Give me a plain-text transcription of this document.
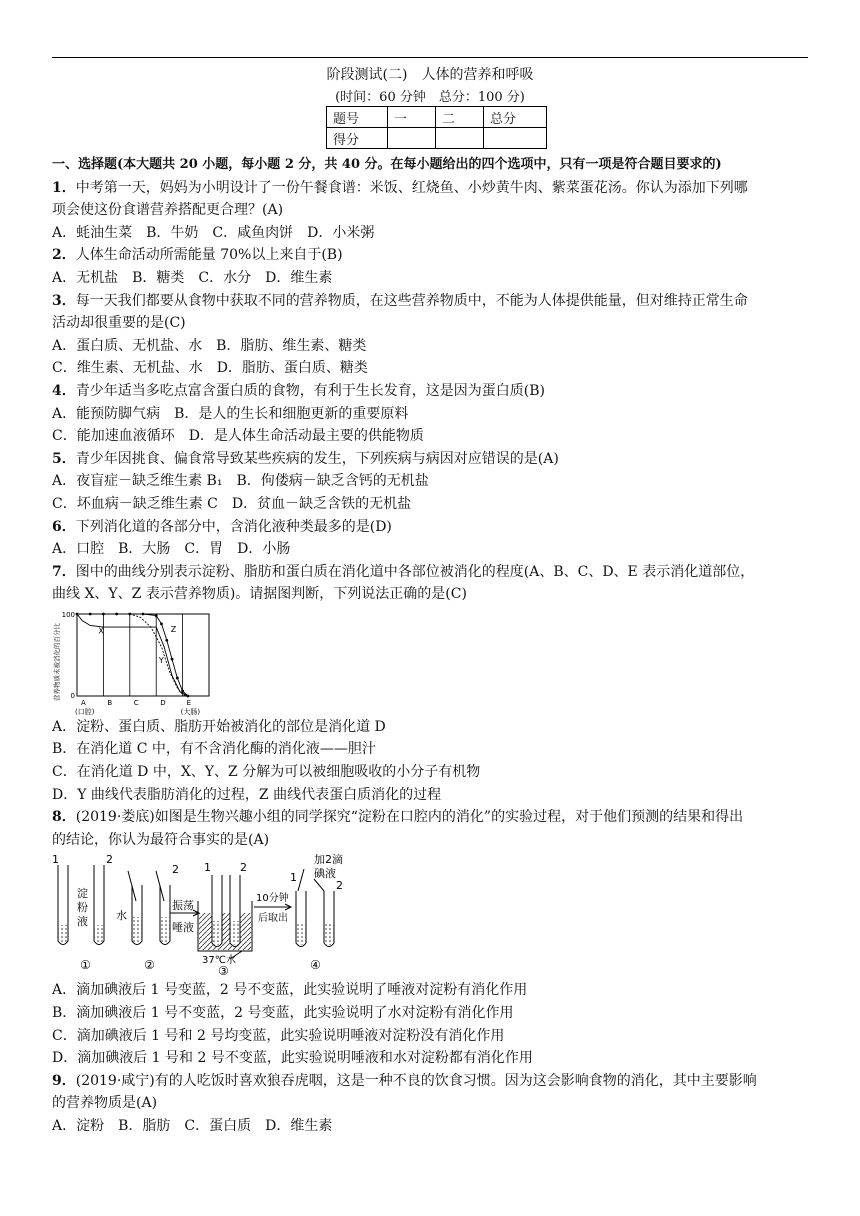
阶段测试(二)　人体的营养和呼吸
(时间：60 分钟　总分：100 分)
题号	一	二	总分
得分			
一、选择题(本大题共 20 小题，每小题 2 分，共 40 分。在每小题给出的四个选项中，只有一项是符合题目要求的)
1．中考第一天，妈妈为小明设计了一份午餐食谱：米饭、红烧鱼、小炒黄牛肉、紫菜蛋花汤。你认为添加下列哪
项会使这份食谱营养搭配更合理？(A)
A．蚝油生菜　B．牛奶　C．咸鱼肉饼　D．小米粥
2．人体生命活动所需能量 70%以上来自于(B)
A．无机盐　B．糖类　C．水分　D．维生素
3．每一天我们都要从食物中获取不同的营养物质，在这些营养物质中，不能为人体提供能量，但对维持正常生命
活动却很重要的是(C)
A．蛋白质、无机盐、水　B．脂肪、维生素、糖类
C．维生素、无机盐、水　D．脂肪、蛋白质、糖类
4．青少年适当多吃点富含蛋白质的食物，有利于生长发育，这是因为蛋白质(B)
A．能预防脚气病　B．是人的生长和细胞更新的重要原料
C．能加速血液循环　D．是人体生命活动最主要的供能物质
5．青少年因挑食、偏食常导致某些疾病的发生，下列疾病与病因对应错误的是(A)
A．夜盲症－缺乏维生素 B₁　B．佝偻病－缺乏含钙的无机盐
C．坏血病－缺乏维生素 C　D．贫血－缺乏含铁的无机盐
6．下列消化道的各部分中，含消化液种类最多的是(D)
A．口腔　B．大肠　C．胃　D．小肠
7．图中的曲线分别表示淀粉、脂肪和蛋白质在消化道中各部位被消化的程度(A、B、C、D、E 表示消化道部位，
曲线 X、Y、Z 表示营养物质)。请据图判断，下列说法正确的是(C)
100
0
营养物质未被消化的百分比
A
(口腔)
B	C	D	E
(大肠)
X
Y
Z
A．淀粉、蛋白质、脂肪开始被消化的部位是消化道 D
B．在消化道 C 中，有不含消化酶的消化液——胆汁
C．在消化道 D 中，X、Y、Z 分解为可以被细胞吸收的小分子有机物
D．Y 曲线代表脂肪消化的过程，Z 曲线代表蛋白质消化的过程
8．(2019·娄底)如图是生物兴趣小组的同学探究“淀粉在口腔内的消化”的实验过程，对于他们预测的结果和得出
的结论，你认为最符合事实的是(A)
1
淀
粉
液
2
①
水
2
唾液
②
振荡
1	2
37℃水
③
10分钟
后取出
加2滴
碘液
1
2
④
A．滴加碘液后 1 号变蓝，2 号不变蓝，此实验说明了唾液对淀粉有消化作用
B．滴加碘液后 1 号不变蓝，2 号变蓝，此实验说明了水对淀粉有消化作用
C．滴加碘液后 1 号和 2 号均变蓝，此实验说明唾液对淀粉没有消化作用
D．滴加碘液后 1 号和 2 号不变蓝，此实验说明唾液和水对淀粉都有消化作用
9．(2019·咸宁)有的人吃饭时喜欢狼吞虎咽，这是一种不良的饮食习惯。因为这会影响食物的消化，其中主要影响
的营养物质是(A)
A．淀粉　B．脂肪　C．蛋白质　D．维生素
